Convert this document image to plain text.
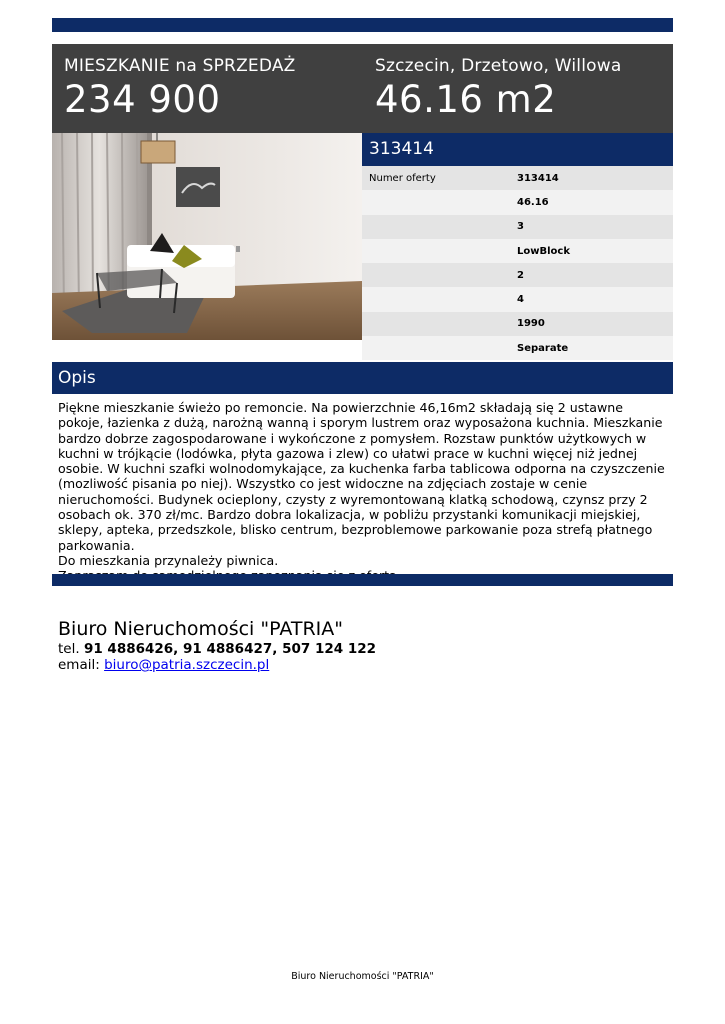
MIESZKANIE na SPRZEDAŻ
234 900
Szczecin, Drzetowo, Willowa
46.16 m2
313414
Numer oferty	313414
46.16
3
LowBlock
2
4
1990
Separate
Opis
Piękne mieszkanie świeżo po remoncie. Na powierzchnie 46,16m2 składają się 2 ustawne pokoje, łazienka z dużą, narożną wanną i sporym lustrem oraz wyposażona kuchnia. Mieszkanie bardzo dobrze zagospodarowane i wykończone z pomysłem. Rozstaw punktów użytkowych w kuchni w trójkącie (lodówka, płyta gazowa i zlew) co ułatwi prace w kuchni więcej niż jednej osobie. W kuchni szafki wolnodomykające, za kuchenka farba tablicowa odporna na czyszczenie (mozliwość pisania po niej). Wszystko co jest widoczne na zdjęciach zostaje w cenie nieruchomości. Budynek ocieplony, czysty z wyremontowaną klatką schodową, czynsz przy 2 osobach ok. 370 zł/mc. Bardzo dobra lokalizacja, w pobliżu przystanki komunikacji miejskiej, sklepy, apteka, przedszkole, blisko centrum, bezproblemowe parkowanie poza strefą płatnego parkowania.
Do mieszkania przynależy piwnica.

Biuro Nieruchomości "PATRIA"
tel. 91 4886426, 91 4886427, 507 124 122
email: biuro@patria.szczecin.pl
Biuro Nieruchomości "PATRIA"
